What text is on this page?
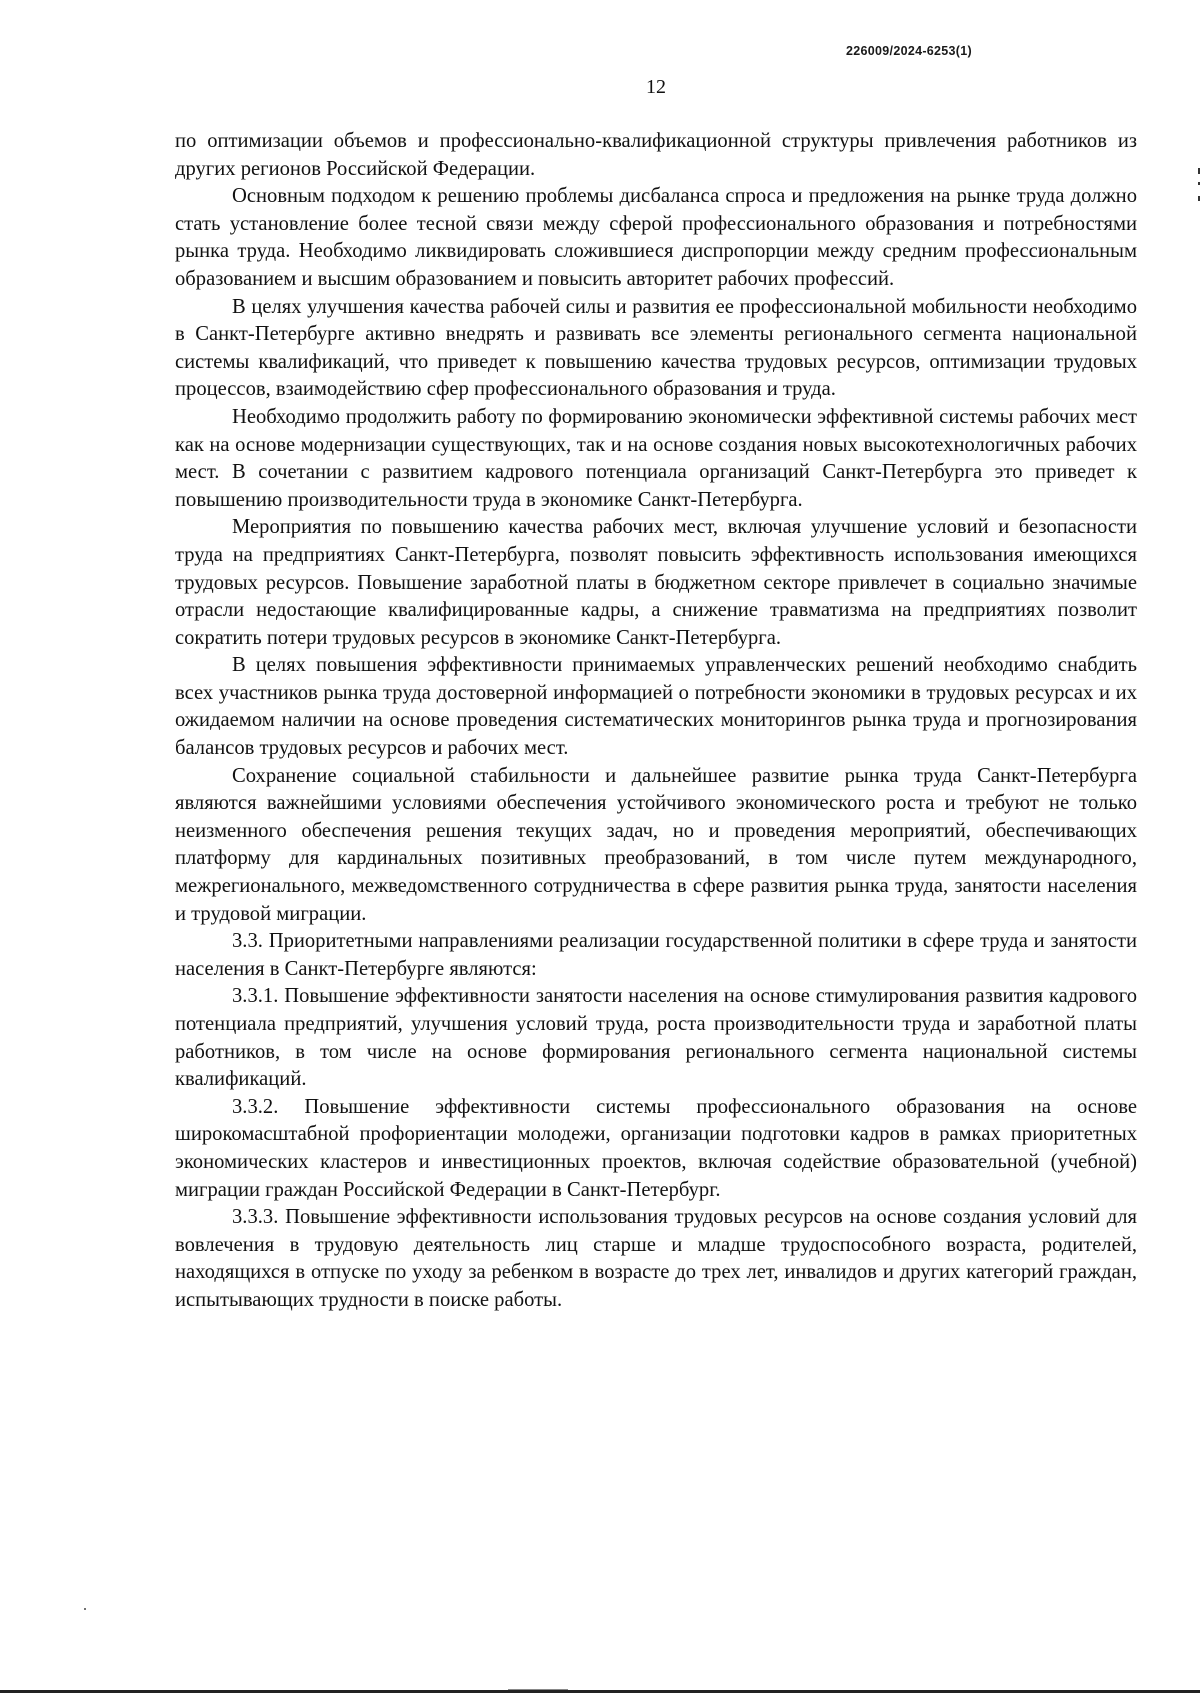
226009/2024-6253(1)
12

по оптимизации объемов и профессионально-квалификационной структуры привлечения работников из других регионов Российской Федерации.

Основным подходом к решению проблемы дисбаланса спроса и предложения на рынке труда должно стать установление более тесной связи между сферой профессионального образования и потребностями рынка труда. Необходимо ликвидировать сложившиеся диспропорции между средним профессиональным образованием и высшим образованием и повысить авторитет рабочих профессий.

В целях улучшения качества рабочей силы и развития ее профессиональной мобильности необходимо в Санкт-Петербурге активно внедрять и развивать все элементы регионального сегмента национальной системы квалификаций, что приведет к повышению качества трудовых ресурсов, оптимизации трудовых процессов, взаимодействию сфер профессионального образования и труда.

Необходимо продолжить работу по формированию экономически эффективной системы рабочих мест как на основе модернизации существующих, так и на основе создания новых высокотехнологичных рабочих мест. В сочетании с развитием кадрового потенциала организаций Санкт-Петербурга это приведет к повышению производительности труда в экономике Санкт-Петербурга.

Мероприятия по повышению качества рабочих мест, включая улучшение условий и безопасности труда на предприятиях Санкт-Петербурга, позволят повысить эффективность использования имеющихся трудовых ресурсов. Повышение заработной платы в бюджетном секторе привлечет в социально значимые отрасли недостающие квалифицированные кадры, а снижение травматизма на предприятиях позволит сократить потери трудовых ресурсов в экономике Санкт-Петербурга.

В целях повышения эффективности принимаемых управленческих решений необходимо снабдить всех участников рынка труда достоверной информацией о потребности экономики в трудовых ресурсах и их ожидаемом наличии на основе проведения систематических мониторингов рынка труда и прогнозирования балансов трудовых ресурсов и рабочих мест.

Сохранение социальной стабильности и дальнейшее развитие рынка труда Санкт-Петербурга являются важнейшими условиями обеспечения устойчивого экономического роста и требуют не только неизменного обеспечения решения текущих задач, но и проведения мероприятий, обеспечивающих платформу для кардинальных позитивных преобразований, в том числе путем международного, межрегионального, межведомственного сотрудничества в сфере развития рынка труда, занятости населения и трудовой миграции.

3.3. Приоритетными направлениями реализации государственной политики в сфере труда и занятости населения в Санкт-Петербурге являются:

3.3.1. Повышение эффективности занятости населения на основе стимулирования развития кадрового потенциала предприятий, улучшения условий труда, роста производительности труда и заработной платы работников, в том числе на основе формирования регионального сегмента национальной системы квалификаций.

3.3.2. Повышение эффективности системы профессионального образования на основе широкомасштабной профориентации молодежи, организации подготовки кадров в рамках приоритетных экономических кластеров и инвестиционных проектов, включая содействие образовательной (учебной) миграции граждан Российской Федерации в Санкт-Петербург.

3.3.3. Повышение эффективности использования трудовых ресурсов на основе создания условий для вовлечения в трудовую деятельность лиц старше и младше трудоспособного возраста, родителей, находящихся в отпуске по уходу за ребенком в возрасте до трех лет, инвалидов и других категорий граждан, испытывающих трудности в поиске работы.
